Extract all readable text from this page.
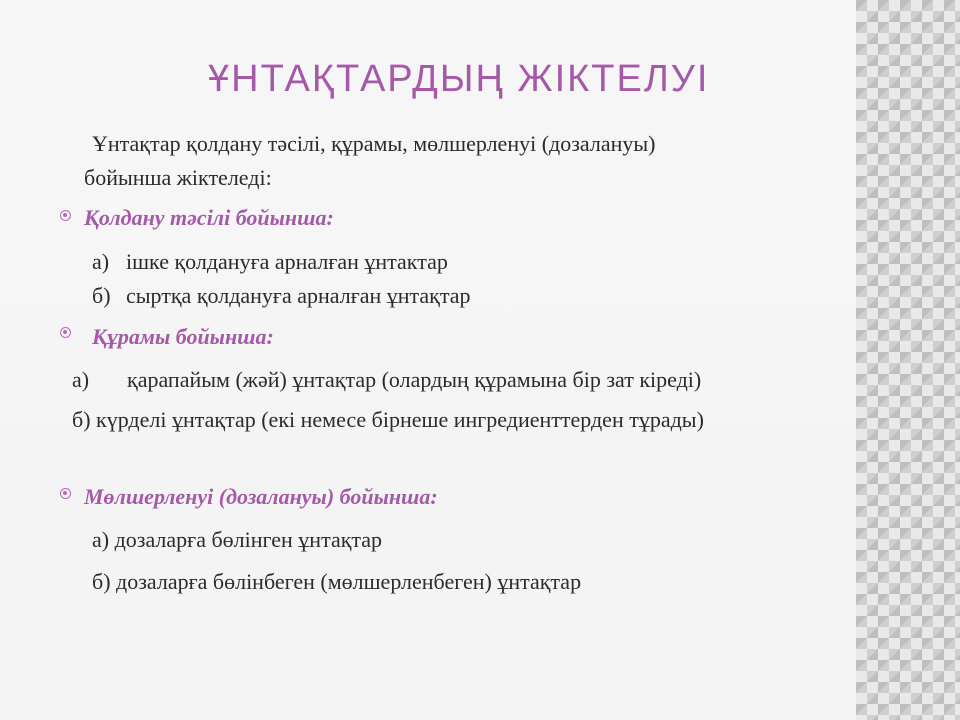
ҰНТАҚТАРДЫҢ ЖІКТЕЛУІ
Ұнтақтар қолдану тәсілі, құрамы, мөлшерленуі (дозалануы)
бойынша жіктеледі:
Қолдану тәсілі бойынша:
а) ішке қолдануға арналған ұнтактар
б) сыртқа қолдануға арналған ұнтақтар
Құрамы бойынша:
а) қарапайым (жәй) ұнтақтар (олардың құрамына бір зат кіреді)
б) күрделі ұнтақтар (екі немесе бірнеше ингредиенттерден тұрады)
Мөлшерленуі (дозалануы) бойынша:
а) дозаларға бөлінген ұнтақтар
б) дозаларға бөлінбеген (мөлшерленбеген) ұнтақтар
